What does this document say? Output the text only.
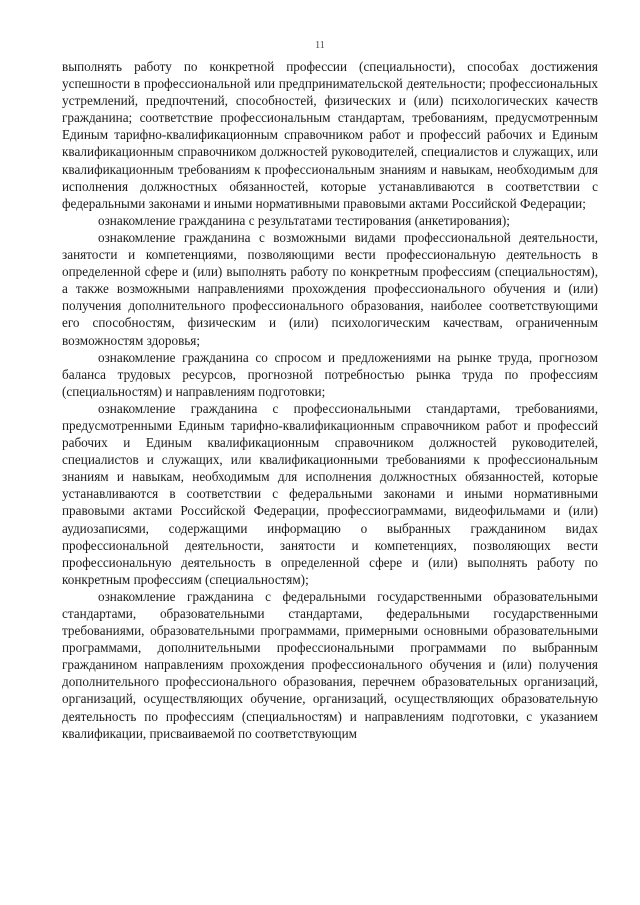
11

выполнять работу по конкретной профессии (специальности), способах достижения успешности в профессиональной или предпринимательской деятельности; профессиональных устремлений, предпочтений, способностей, физических и (или) психологических качеств гражданина; соответствие профессиональным стандартам, требованиям, предусмотренным Единым тарифно-квалификационным справочником работ и профессий рабочих и Единым квалификационным справочником должностей руководителей, специалистов и служащих, или квалификационным требованиям к профессиональным знаниям и навыкам, необходимым для исполнения должностных обязанностей, которые устанавливаются в соответствии с федеральными законами и иными нормативными правовыми актами Российской Федерации;

ознакомление гражданина с результатами тестирования (анкетирования);

ознакомление гражданина с возможными видами профессиональной деятельности, занятости и компетенциями, позволяющими вести профессиональную деятельность в определенной сфере и (или) выполнять работу по конкретным профессиям (специальностям), а также возможными направлениями прохождения профессионального обучения и (или) получения дополнительного профессионального образования, наиболее соответствующими его способностям, физическим и (или) психологическим качествам, ограниченным возможностям здоровья;

ознакомление гражданина со спросом и предложениями на рынке труда, прогнозом баланса трудовых ресурсов, прогнозной потребностью рынка труда по профессиям (специальностям) и направлениям подготовки;

ознакомление гражданина с профессиональными стандартами, требованиями, предусмотренными Единым тарифно-квалификационным справочником работ и профессий рабочих и Единым квалификационным справочником должностей руководителей, специалистов и служащих, или квалификационными требованиями к профессиональным знаниям и навыкам, необходимым для исполнения должностных обязанностей, которые устанавливаются в соответствии с федеральными законами и иными нормативными правовыми актами Российской Федерации, профессиограммами, видеофильмами и (или) аудиозаписями, содержащими информацию о выбранных гражданином видах профессиональной деятельности, занятости и компетенциях, позволяющих вести профессиональную деятельность в определенной сфере и (или) выполнять работу по конкретным профессиям (специальностям);

ознакомление гражданина с федеральными государственными образовательными стандартами, образовательными стандартами, федеральными государственными требованиями, образовательными программами, примерными основными образовательными программами, дополнительными профессиональными программами по выбранным гражданином направлениям прохождения профессионального обучения и (или) получения дополнительного профессионального образования, перечнем образовательных организаций, организаций, осуществляющих обучение, организаций, осуществляющих образовательную деятельность по профессиям (специальностям) и направлениям подготовки, с указанием квалификации, присваиваемой по соответствующим
